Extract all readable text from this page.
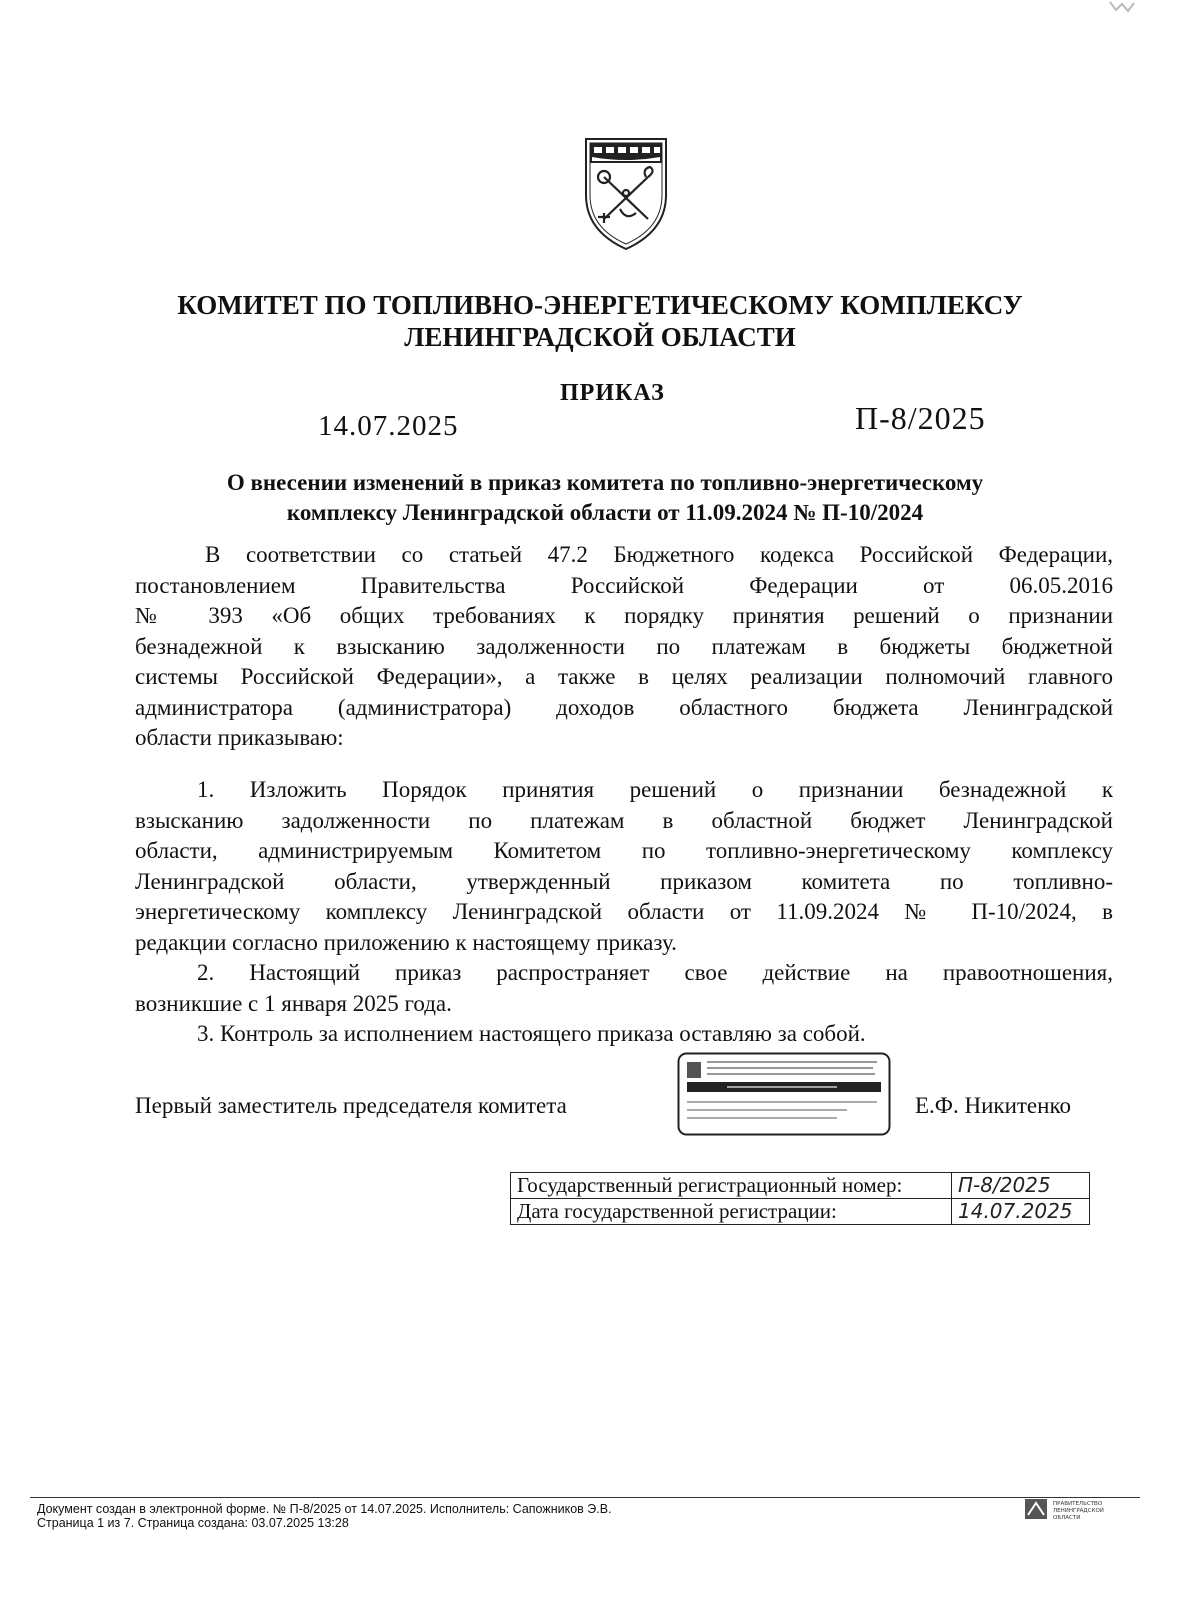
КОМИТЕТ ПО ТОПЛИВНО-ЭНЕРГЕТИЧЕСКОМУ КОМПЛЕКСУ
ЛЕНИНГРАДСКОЙ ОБЛАСТИ
ПРИКАЗ
14.07.2025	П-8/2025
О внесении изменений в приказ комитета по топливно-энергетическому
комплексу Ленинградской области от 11.09.2024 № П-10/2024
В соответствии со статьей 47.2 Бюджетного кодекса Российской Федерации,
постановлением Правительства Российской Федерации от 06.05.2016
№ 393 «Об общих требованиях к порядку принятия решений о признании
безнадежной к взысканию задолженности по платежам в бюджеты бюджетной
системы Российской Федерации», а также в целях реализации полномочий главного
администратора (администратора) доходов областного бюджета Ленинградской
области приказываю:
1. Изложить Порядок принятия решений о признании безнадежной к
взысканию задолженности по платежам в областной бюджет Ленинградской
области, администрируемым Комитетом по топливно-энергетическому комплексу
Ленинградской области, утвержденный приказом комитета по топливно-
энергетическому комплексу Ленинградской области от 11.09.2024 № П-10/2024, в
редакции согласно приложению к настоящему приказу.
2. Настоящий приказ распространяет свое действие на правоотношения,
возникшие с 1 января 2025 года.
3. Контроль за исполнением настоящего приказа оставляю за собой.
Первый заместитель председателя комитета	Е.Ф. Никитенко
Государственный регистрационный номер:	П-8/2025
Дата государственной регистрации:	14.07.2025
Документ создан в электронной форме. № П-8/2025 от 14.07.2025. Исполнитель: Сапожников Э.В.
Страница 1 из 7. Страница создана: 03.07.2025 13:28
ПРАВИТЕЛЬСТВО
ЛЕНИНГРАДСКОЙ
ОБЛАСТИ
